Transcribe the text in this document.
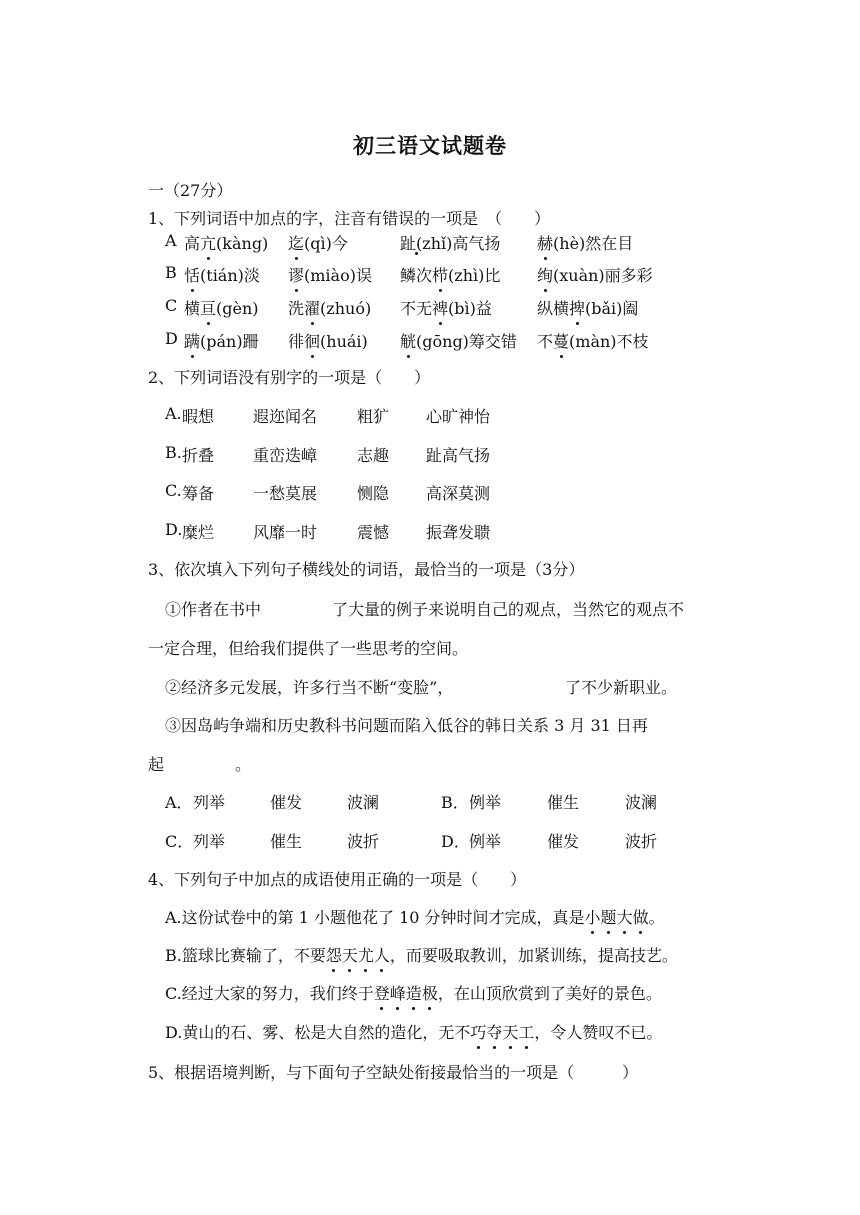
初三语文试题卷
一（27分）
1、下列词语中加点的字，注音有错误的一项是　（　　）
A 高亢(kàng) 迄(qì)今	趾(zhǐ)高气扬 赫(hè)然在目
B 恬(tián)淡 谬(miào)误 鳞次栉(zhì)比 绚(xuàn)丽多彩
C 横亘(gèn) 洗濯(zhuó) 不无裨(bì)益	纵横捭(bǎi)阖
D 蹒(pán)跚 徘徊(huái) 觥(gōng)筹交错 不蔓(màn)不枝
2、下列词语没有别字的一项是（　　）
A. 暇想 遐迩闻名 粗犷 心旷神怡
B. 折叠 重峦迭嶂 志趣 趾高气扬
C. 筹备 一愁莫展 恻隐 高深莫测
D. 糜烂 风靡一时 震憾 振聋发聩
3、依次填入下列句子横线处的词语，最恰当的一项是（3分）
①作者在书中	了大量的例子来说明自己的观点，当然它的观点不
一定合理，但给我们提供了一些思考的空间。
②经济多元发展，许多行当不断“变脸”，	了不少新职业。
③因岛屿争端和历史教科书问题而陷入低谷的韩日关系 3 月 31 日再
起	。
A． 列举	催发	波澜	B． 例举	催生	波澜
C． 列举	催生	波折	D． 例举	催发	波折
4、下列句子中加点的成语使用正确的一项是（　　）
A.这份试卷中的第 1 小题他花了 10 分钟时间才完成，真是小题大做。
B.篮球比赛输了，不要怨天尤人，而要吸取教训，加紧训练，提高技艺。
C.经过大家的努力，我们终于登峰造极，在山顶欣赏到了美好的景色。
D.黄山的石、雾、松是大自然的造化，无不巧夺天工，令人赞叹不已。
5、根据语境判断，与下面句子空缺处衔接最恰当的一项是（　　　）
